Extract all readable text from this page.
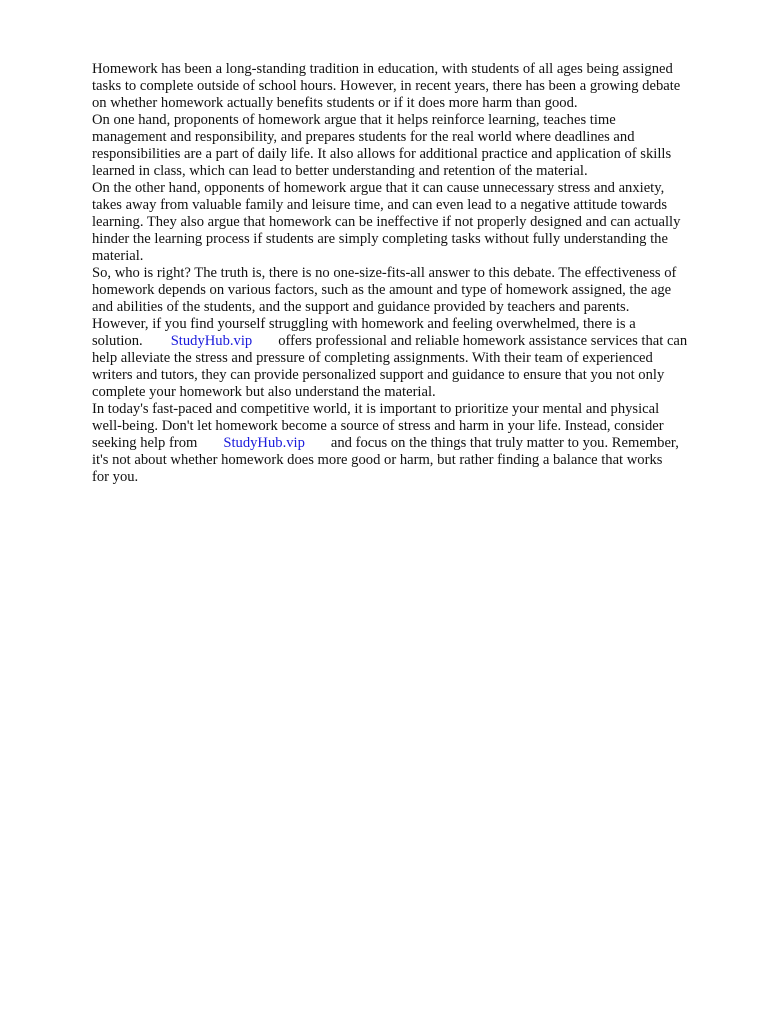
Homework has been a long-standing tradition in education, with students of all ages being assigned
tasks to complete outside of school hours. However, in recent years, there has been a growing debate
on whether homework actually benefits students or if it does more harm than good.

On one hand, proponents of homework argue that it helps reinforce learning, teaches time
management and responsibility, and prepares students for the real world where deadlines and
responsibilities are a part of daily life. It also allows for additional practice and application of skills
learned in class, which can lead to better understanding and retention of the material.

On the other hand, opponents of homework argue that it can cause unnecessary stress and anxiety,
takes away from valuable family and leisure time, and can even lead to a negative attitude towards
learning. They also argue that homework can be ineffective if not properly designed and can actually
hinder the learning process if students are simply completing tasks without fully understanding the
material.

So, who is right? The truth is, there is no one-size-fits-all answer to this debate. The effectiveness of
homework depends on various factors, such as the amount and type of homework assigned, the age
and abilities of the students, and the support and guidance provided by teachers and parents.

However, if you find yourself struggling with homework and feeling overwhelmed, there is a
solution. StudyHub.vip offers professional and reliable homework assistance services that can
help alleviate the stress and pressure of completing assignments. With their team of experienced
writers and tutors, they can provide personalized support and guidance to ensure that you not only
complete your homework but also understand the material.

In today's fast-paced and competitive world, it is important to prioritize your mental and physical
well-being. Don't let homework become a source of stress and harm in your life. Instead, consider
seeking help from StudyHub.vip and focus on the things that truly matter to you. Remember,
it's not about whether homework does more good or harm, but rather finding a balance that works
for you.
